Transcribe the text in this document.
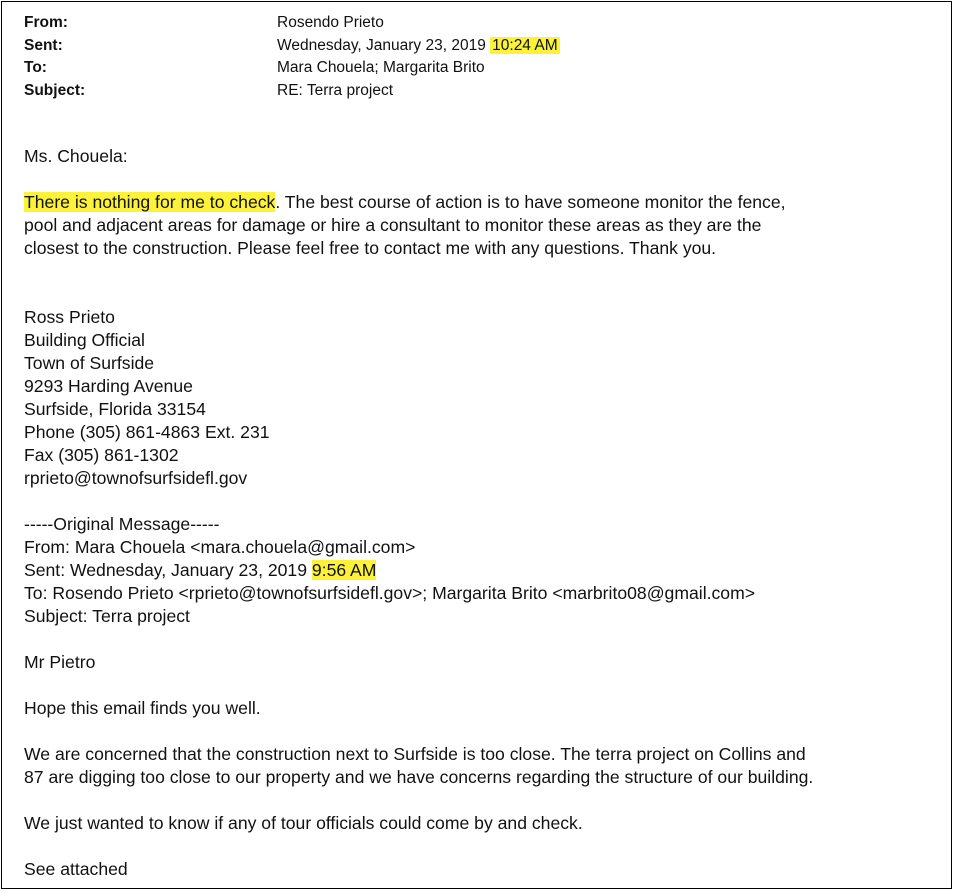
From:	Rosendo Prieto
Sent:	Wednesday, January 23, 2019 10:24 AM
To:	Mara Chouela; Margarita Brito
Subject:	RE: Terra project
Ms. Chouela:
There is nothing for me to check. The best course of action is to have someone monitor the fence,
pool and adjacent areas for damage or hire a consultant to monitor these areas as they are the
closest to the construction. Please feel free to contact me with any questions. Thank you.
Ross Prieto
Building Official
Town of Surfside
9293 Harding Avenue
Surfside, Florida 33154
Phone (305) 861-4863 Ext. 231
Fax (305) 861-1302
rprieto@townofsurfsidefl.gov
-----Original Message-----
From: Mara Chouela <mara.chouela@gmail.com>
Sent: Wednesday, January 23, 2019 9:56 AM
To: Rosendo Prieto <rprieto@townofsurfsidefl.gov>; Margarita Brito <marbrito08@gmail.com>
Subject: Terra project
Mr Pietro
Hope this email finds you well.
We are concerned that the construction next to Surfside is too close. The terra project on Collins and
87 are digging too close to our property and we have concerns regarding the structure of our building.
We just wanted to know if any of tour officials could come by and check.
See attached
